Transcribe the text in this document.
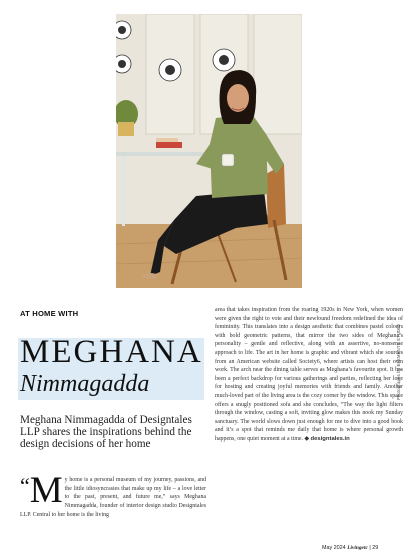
Photographs by ELEMENTS STUDIO
AT HOME WITH
MEGHANA
Nimmagadda

Meghana Nimmagadda of Designtales LLP shares the inspirations behind the design decisions of her home

“M y home is a personal museum of my journey, passions, and the little idiosyncrasies that make up my life – a love letter to the past, present, and future me,” says Meghana Nimmagadda, founder of interior design studio Designtales LLP. Central to her home is the living
area that takes inspiration from the roaring 1920s in New York, when women were given the right to vote and their newfound freedom redefined the idea of femininity. This translates into a design aesthetic that combines pastel colours with bold geometric patterns, that mirror the two sides of Meghana’s personality – gentle and reflective, along with an assertive, no-nonsense approach to life. The art in her home is graphic and vibrant which she sources from an American website called Society6, where artists can host their own work. The arch near the dining table serves as Meghana’s favourite spot. It has been a perfect backdrop for various gatherings and parties, reflecting her love for hosting and creating joyful memories with friends and family. Another much-loved part of the living area is the cozy corner by the window. This space offers a snugly positioned sofa and she concludes, “The way the light filters through the window, casting a soft, inviting glow makes this nook my Sunday sanctuary. The world slows down just enough for me to dive into a good book and it’s a spot that reminds me daily that home is where personal growth happens, one quiet moment at a time. ◆ designtales.in
May 2024 Livingetc | 29
